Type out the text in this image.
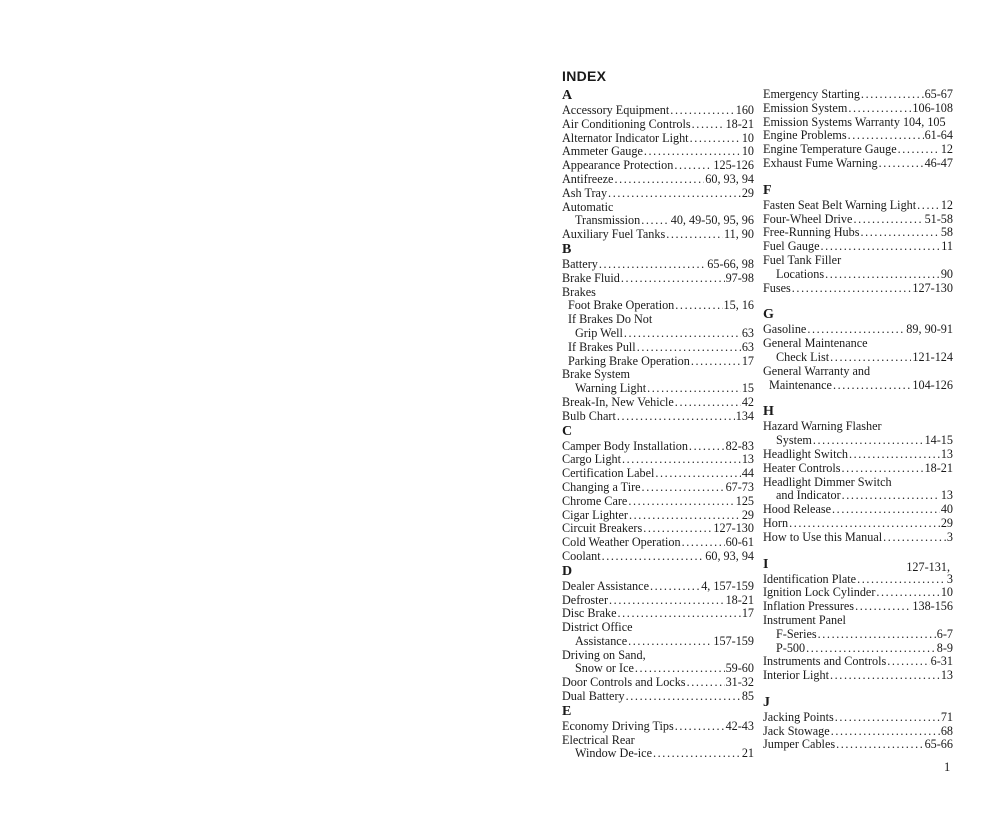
INDEX
A
Accessory Equipment .....	160
Air Conditioning Controls .....	18-21
Alternator Indicator Light .....	10
Ammeter Gauge .....	10
Appearance Protection .....	125-126
Antifreeze .....	60, 93, 94
Ash Tray .....	29
Automatic
Transmission ..... 40, 49-50, 95, 96
Auxiliary Fuel Tanks .....	11, 90
B
Battery .....	65-66, 98
Brake Fluid .....	97-98
Brakes
Foot Brake Operation .....	15, 16
If Brakes Do Not
Grip Well .....	63
If Brakes Pull .....	63
Parking Brake Operation .....	17
Brake System
Warning Light .....	15
Break-In, New Vehicle .....	42
Bulb Chart .....	134
C
Camper Body Installation .....	82-83
Cargo Light .....	13
Certification Label .....	44
Changing a Tire .....	67-73
Chrome Care .....	125
Cigar Lighter .....	29
Circuit Breakers .....	127-130
Cold Weather Operation .....	60-61
Coolant .....	60, 93, 94
D
Dealer Assistance .....	4, 157-159
Defroster .....	18-21
Disc Brake .....	17
District Office
Assistance .....	157-159
Driving on Sand,
Snow or Ice .....	59-60
Door Controls and Locks .....	31-32
Dual Battery .....	85
E
Economy Driving Tips .....	42-43
Electrical Rear
Window De-ice .....	21
Emergency Starting .....	65-67
Emission System .....	106-108
Emission Systems Warranty 104, 105
Engine Problems .....	61-64
Engine Temperature Gauge .....	12
Exhaust Fume Warning .....	46-47
F
Fasten Seat Belt Warning Light ..... 12
Four-Wheel Drive .....	51-58
Free-Running Hubs .....	58
Fuel Gauge .....	11
Fuel Tank Filler
Locations .....	90
Fuses .....	127-130
G
Gasoline .....	89, 90-91
General Maintenance
Check List .....	121-124
General Warranty and
Maintenance .....	104-126
H
Hazard Warning Flasher
System .....	14-15
Headlight Switch .....	13
Heater Controls .....	18-21
Headlight Dimmer Switch
and Indicator .....	13
Hood Release .....	40
Horn .....	29
How to Use this Manual .....	3
I	127-131,
Identification Plate .....	3
Ignition Lock Cylinder .....	10
Inflation Pressures .....	138-156
Instrument Panel
F-Series .....	6-7
P-500 .....	8-9
Instruments and Controls .....	6-31
Interior Light .....	13
J
Jacking Points .....	71
Jack Stowage .....	68
Jumper Cables .....	65-66
1
